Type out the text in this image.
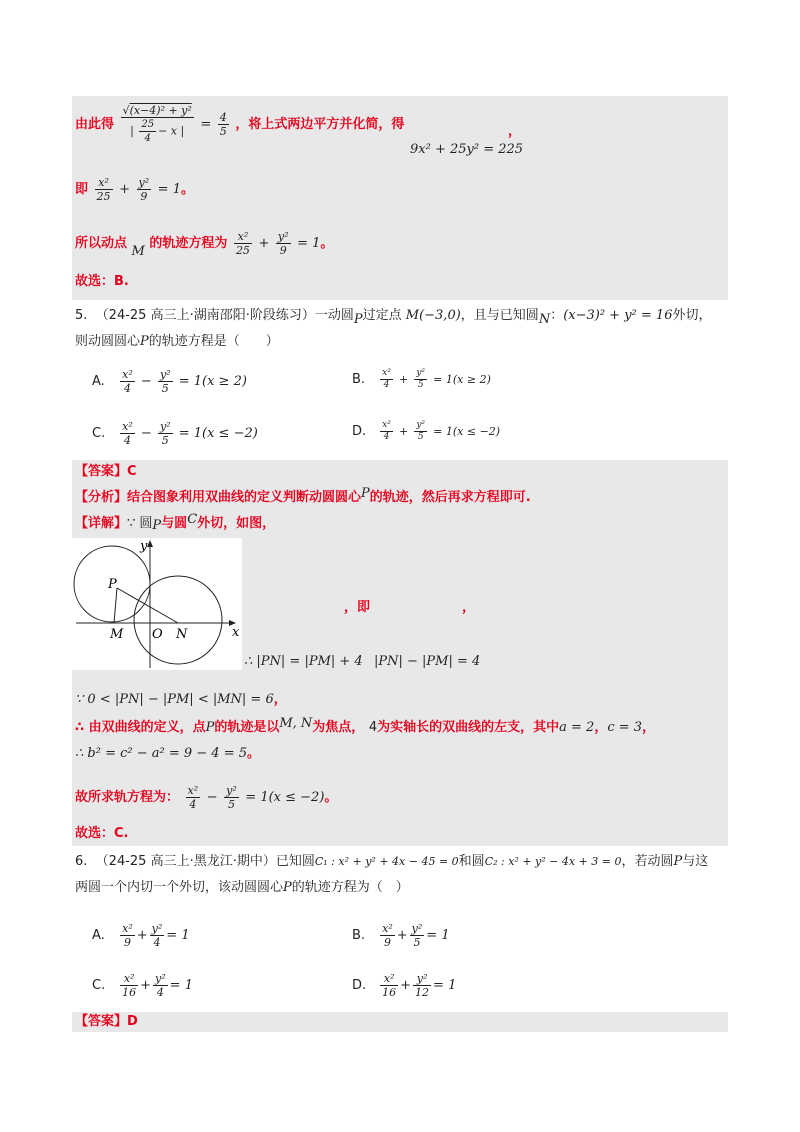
由此得 $\frac{\text{√(x−4)² + y²}}{| \frac{25}{4} - x |} = \frac{4}{5}$ ，将上式两边平方并化简，得	，
9x² + 25y² = 225
即 $\frac{\text{x²}}{25} + \frac{\text{y²}}{9} = 1$。
所以动点 M 的轨迹方程为 $\frac{\text{x²}}{25} + \frac{\text{y²}}{9} = 1$。
故选：B.
5. （24-25 高三上·湖南邵阳·阶段练习）一动圆P过定点 M(−3,0)，且与已知圆N：(x−3)² + y² = 16外切，
则动圆圆心P的轨迹方程是（　　）
A. $\frac{\text{x²}}{4} - \frac{\text{y²}}{5} = 1(x \ge 2)$	B. $\frac{\text{x²}}{4} + \frac{\text{y²}}{5} = 1(x \ge 2)$
C. $\frac{\text{x²}}{4} - \frac{\text{y²}}{5} = 1(x \le -2)$	D. $\frac{\text{x²}}{4} + \frac{\text{y²}}{5} = 1(x \le -2)$
【答案】C
【分析】结合图象利用双曲线的定义判断动圆圆心P的轨迹，然后再求方程即可.
【详解】∵ 圆P与圆C外切，如图，
y
x
P
M O N
，即	，
∴ |PN| = |PM| + 4 |PN| − |PM| = 4
∵ 0 < |PN| − |PM| < |MN| = 6，
∴ 由双曲线的定义，点P的轨迹是以M, N为焦点， 4为实轴长的双曲线的左支，其中a = 2，c = 3，
∴ b² = c² − a² = 9 − 4 = 5。
故所求轨方程为： $\frac{\text{x²}}{4} - \frac{\text{y²}}{5} = 1(x \le -2)$。
故选：C.
6. （24-25 高三上·黑龙江·期中）已知圆C₁ : x² + y² + 4x − 45 = 0和圆C₂ : x² + y² − 4x + 3 = 0，若动圆P与这
两圆一个内切一个外切，该动圆圆心P的轨迹方程为（　）
A. $\frac{\text{x²}}{9} + \frac{\text{y²}}{4} = 1$	B. $\frac{\text{x²}}{9} + \frac{\text{y²}}{5} = 1$
C. $\frac{\text{x²}}{16} + \frac{\text{y²}}{4} = 1$	D. $\frac{\text{x²}}{16} + \frac{\text{y²}}{12} = 1$
【答案】D
